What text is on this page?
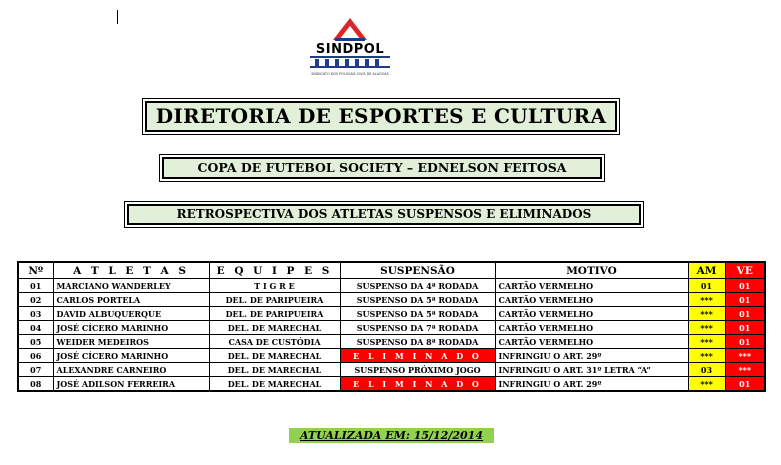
SINDPOL
SINDICATO DOS POLICIAIS CIVIS DE ALAGOAS
DIRETORIA DE ESPORTES E CULTURA
COPA DE FUTEBOL SOCIETY – EDNELSON FEITOSA
RETROSPECTIVA DOS ATLETAS SUSPENSOS E ELIMINADOS
Nº	A T L E T A S	E Q U I P E S	SUSPENSÃO	MOTIVO	AM	VE
01	MARCIANO WANDERLEY	T I G R E	SUSPENSO DA 4ª RODADA	CARTÃO VERMELHO	01	01
02	CARLOS PORTELA	DEL. DE PARIPUEIRA	SUSPENSO DA 5ª RODADA	CARTÃO VERMELHO	***	01
03	DAVID ALBUQUERQUE	DEL. DE PARIPUEIRA	SUSPENSO DA 5ª RODADA	CARTÃO VERMELHO	***	01
04	JOSÉ CÍCERO MARINHO	DEL. DE MARECHAL	SUSPENSO DA 7ª RODADA	CARTÃO VERMELHO	***	01
05	WEIDER MEDEIROS	CASA DE CUSTÓDIA	SUSPENSO DA 8ª RODADA	CARTÃO VERMELHO	***	01
06	JOSÉ CÍCERO MARINHO	DEL. DE MARECHAL	E L I M I N A D O	INFRINGIU O ART. 29º	***	***
07	ALEXANDRE CARNEIRO	DEL. DE MARECHAL	SUSPENSO PRÓXIMO JOGO	INFRINGIU O ART. 31º LETRA “A”	03	***
08	JOSÉ ADILSON FERREIRA	DEL. DE MARECHAL	E L I M I N A D O	INFRINGIU O ART. 29º	***	01
ATUALIZADA EM: 15/12/2014
